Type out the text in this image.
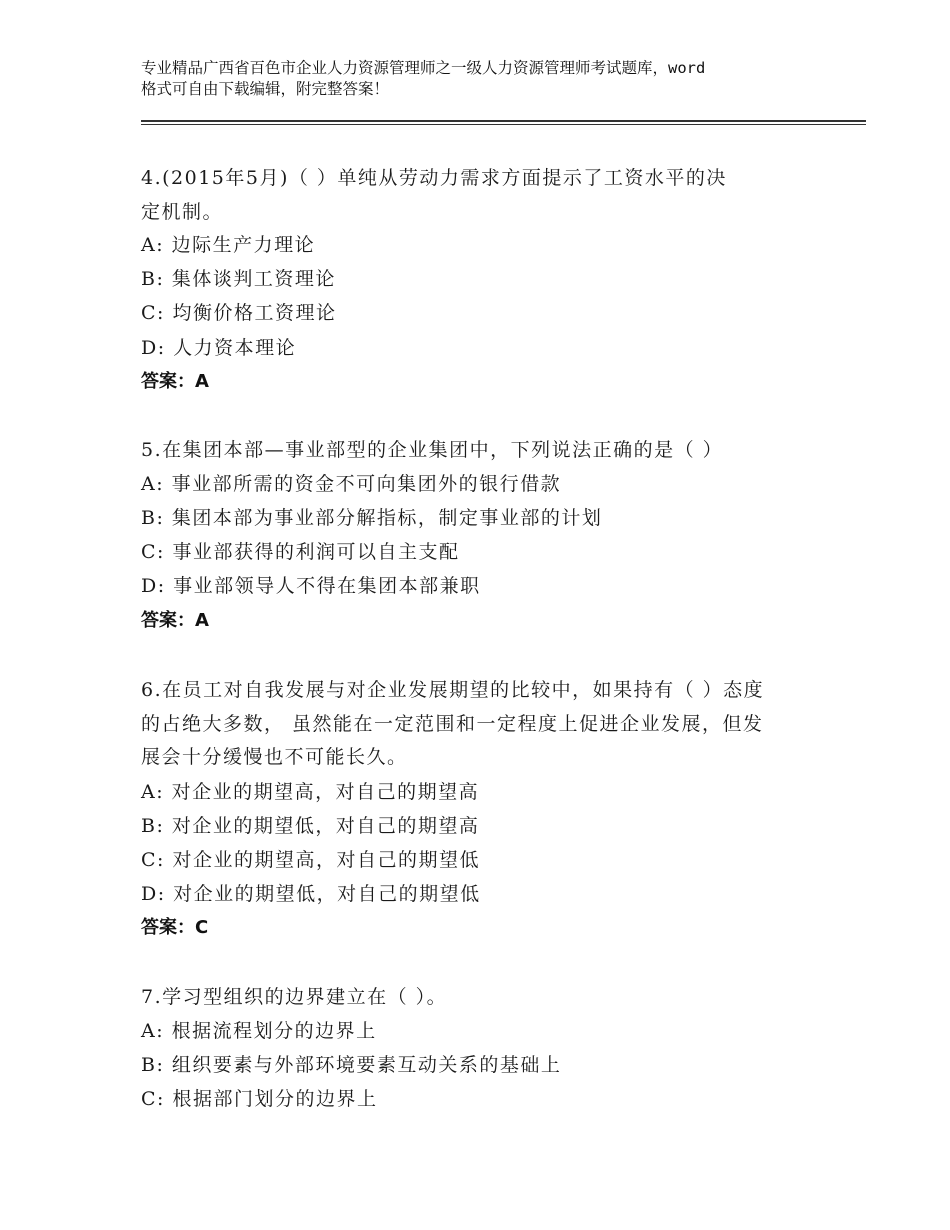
专业精品广西省百色市企业人力资源管理师之一级人力资源管理师考试题库，word
格式可自由下载编辑，附完整答案！
4.(2015年5月)（ ）单纯从劳动力需求方面提示了工资水平的决
定机制。
A: 边际生产力理论
B: 集体谈判工资理论
C: 均衡价格工资理论
D: 人力资本理论
答案：A
5.在集团本部—事业部型的企业集团中，下列说法正确的是（ ）
A: 事业部所需的资金不可向集团外的银行借款
B: 集团本部为事业部分解指标，制定事业部的计划
C: 事业部获得的利润可以自主支配
D: 事业部领导人不得在集团本部兼职
答案：A
6.在员工对自我发展与对企业发展期望的比较中，如果持有（ ）态度
的占绝大多数， 虽然能在一定范围和一定程度上促进企业发展，但发
展会十分缓慢也不可能长久。
A: 对企业的期望高，对自己的期望高
B: 对企业的期望低，对自己的期望高
C: 对企业的期望高，对自己的期望低
D: 对企业的期望低，对自己的期望低
答案：C
7.学习型组织的边界建立在（ ）。
A: 根据流程划分的边界上
B: 组织要素与外部环境要素互动关系的基础上
C: 根据部门划分的边界上
